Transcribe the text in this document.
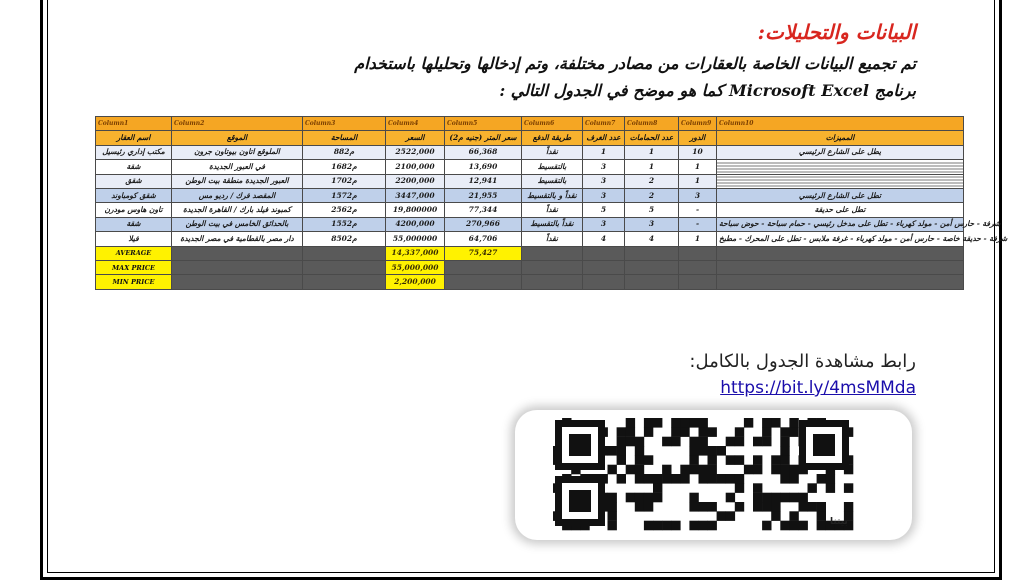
البيانات والتحليلات:
تم تجميع البيانات الخاصة بالعقارات من مصادر مختلفة، وتم إدخالها وتحليلها باستخدام
برنامج Microsoft Excel كما هو موضح في الجدول التالي :
Column1	Column2	Column3	Column4	Column5	Column6	Column7	Column8	Column9	Column10
اسم العقار	الموقع	المساحة	السعر	سعر المتر (جنيه م2)	طريقة الدفع	عدد الغرف	عدد الحمامات	الدور	المميزات
مكتب إداري رئيسيل	الملوقع اتاون بيوتاون جرون	88م2	2522,000	66,368	نقداً	1	1	10	يطل على الشارع الرئيسي
شقة	في العبور الجديدة	168م2	2100,000	13,690	بالتقسيط	3	1	1	
شقق	العبور الجديدة منطقة بيت الوطن	170م2	2200,000	12,941	بالتقسيط	3	2	1	
شقق كومباوند	المقصد فرك / رديو مس	157م2	3447,000	21,955	نقداً و بالتقسيط	3	2	3	تطل على الشارع الرئيسي
تاون هاوس مودرن	كمبوند فيلد بارك / القاهرة الجديدة	256م2	19,800000	77,344	نقداً	5	5	-	تطل على حديقة
شقة	بالحدائق الخامس في بيت الوطن	155م2	4200,000	270,966	نقداً بالتقسيط	3	3	-	شرفة - حارس أمن - مولد كهرباء - تطل على مدخل رئيسي - حمام سباحة - حوض سباحة
فيلا	دار مصر بالقطامية في مصر الجديدة	850م2	55,000000	64,706	نقداً	4	4	1	شرفة - حديقة خاصة - حارس أمن - مولد كهرباء - غرفة ملابس - تطل على المحرك - مطبخ
AVERAGE			14,337,000	75,427					
MAX PRICE			55,000,000						
MIN PRICE			2,200,000						
رابط مشاهدة الجدول بالكامل:
https://bit.ly/4msMMda
بيتنا
